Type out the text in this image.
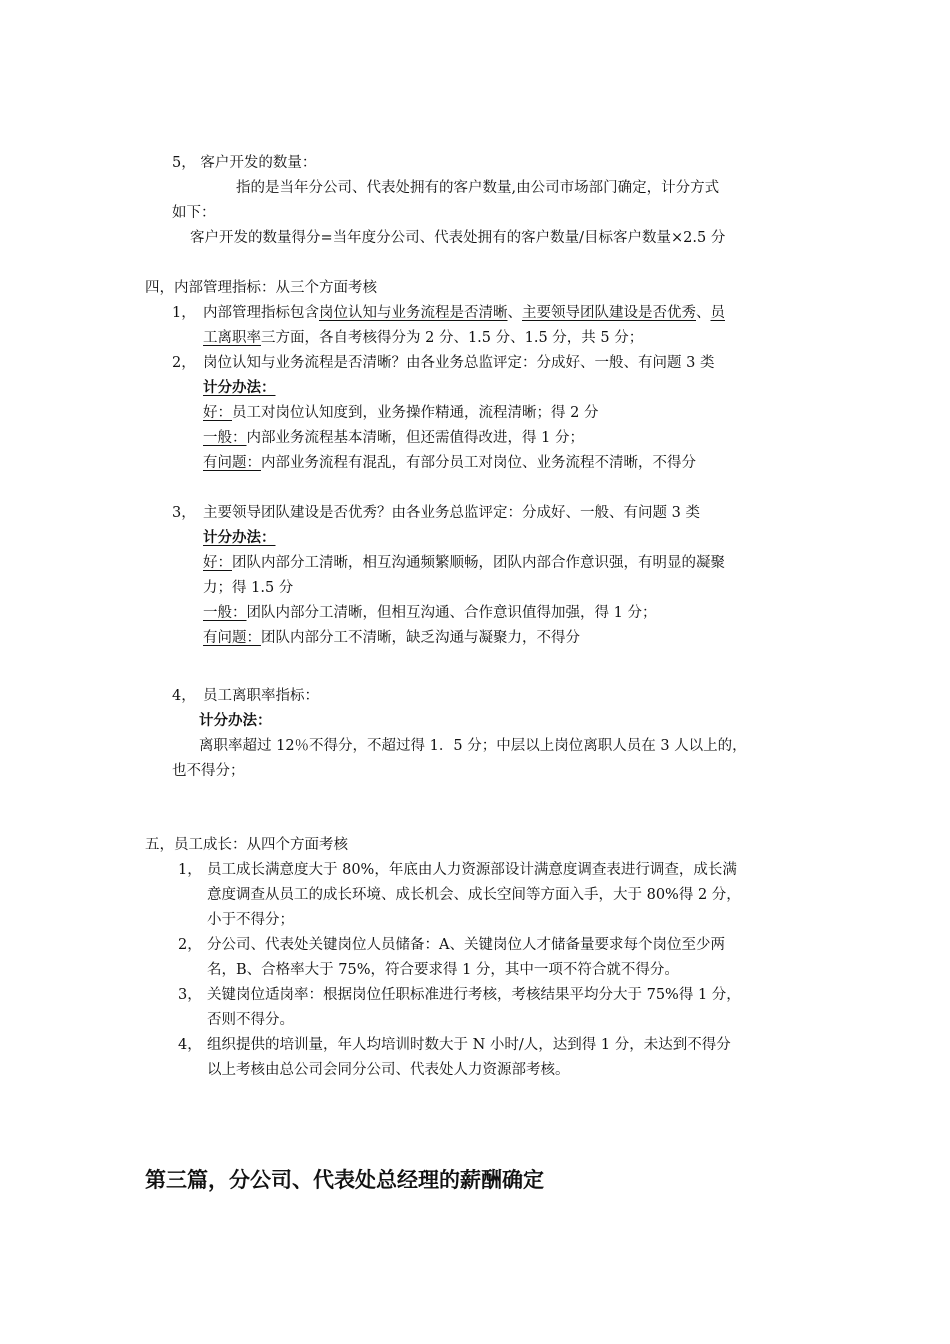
5， 客户开发的数量：
指的是当年分公司、代表处拥有的客户数量,由公司市场部门确定，计分方式
如下：
客户开发的数量得分=当年度分公司、代表处拥有的客户数量/目标客户数量×2.5 分
四，内部管理指标：从三个方面考核
1， 内部管理指标包含岗位认知与业务流程是否清晰、主要领导团队建设是否优秀、员
工离职率三方面，各自考核得分为 2 分、1.5 分、1.5 分，共 5 分；
2， 岗位认知与业务流程是否清晰？由各业务总监评定：分成好、一般、有问题 3 类
计分办法：
好：员工对岗位认知度到，业务操作精通，流程清晰；得 2 分
一般：内部业务流程基本清晰，但还需值得改进，得 1 分；
有问题：内部业务流程有混乱，有部分员工对岗位、业务流程不清晰，不得分
3， 主要领导团队建设是否优秀？由各业务总监评定：分成好、一般、有问题 3 类
计分办法：
好：团队内部分工清晰，相互沟通频繁顺畅，团队内部合作意识强，有明显的凝聚
力；得 1.5 分
一般：团队内部分工清晰，但相互沟通、合作意识值得加强，得 1 分；
有问题：团队内部分工不清晰，缺乏沟通与凝聚力，不得分
4， 员工离职率指标：
计分办法：
离职率超过 12％不得分，不超过得 1．5 分；中层以上岗位离职人员在 3 人以上的，
也不得分；
五，员工成长：从四个方面考核
1， 员工成长满意度大于 80%，年底由人力资源部设计满意度调查表进行调查，成长满
意度调查从员工的成长环境、成长机会、成长空间等方面入手，大于 80%得 2 分，
小于不得分；
2， 分公司、代表处关键岗位人员储备：A、关键岗位人才储备量要求每个岗位至少两
名，B、合格率大于 75%，符合要求得 1 分，其中一项不符合就不得分。
3， 关键岗位适岗率：根据岗位任职标准进行考核，考核结果平均分大于 75%得 1 分，
否则不得分。
4， 组织提供的培训量，年人均培训时数大于 N 小时/人，达到得 1 分，未达到不得分
以上考核由总公司会同分公司、代表处人力资源部考核。
第三篇，分公司、代表处总经理的薪酬确定
